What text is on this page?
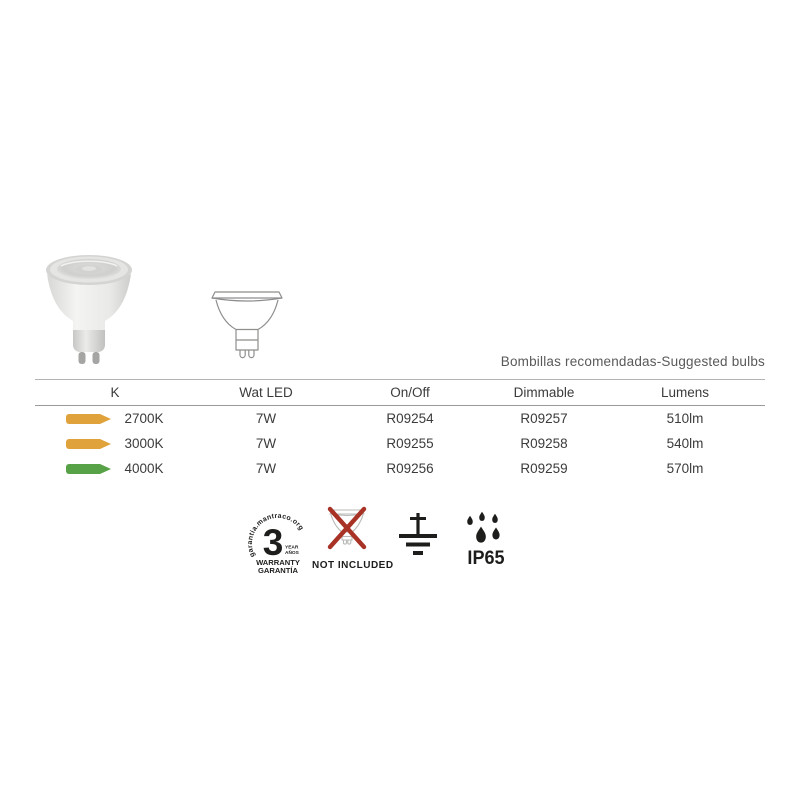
Bombillas recomendadas-Suggested bulbs
K	Wat LED	On/Off	Dimmable	Lumens
2700K	7W	R09254	R09257	510lm
3000K	7W	R09255	R09258	540lm
4000K	7W	R09256	R09259	570lm
garantia.mantraco.org
3 YEAR
AÑOS
WARRANTY
GARANTÍA NOT INCLUDED	IP65
